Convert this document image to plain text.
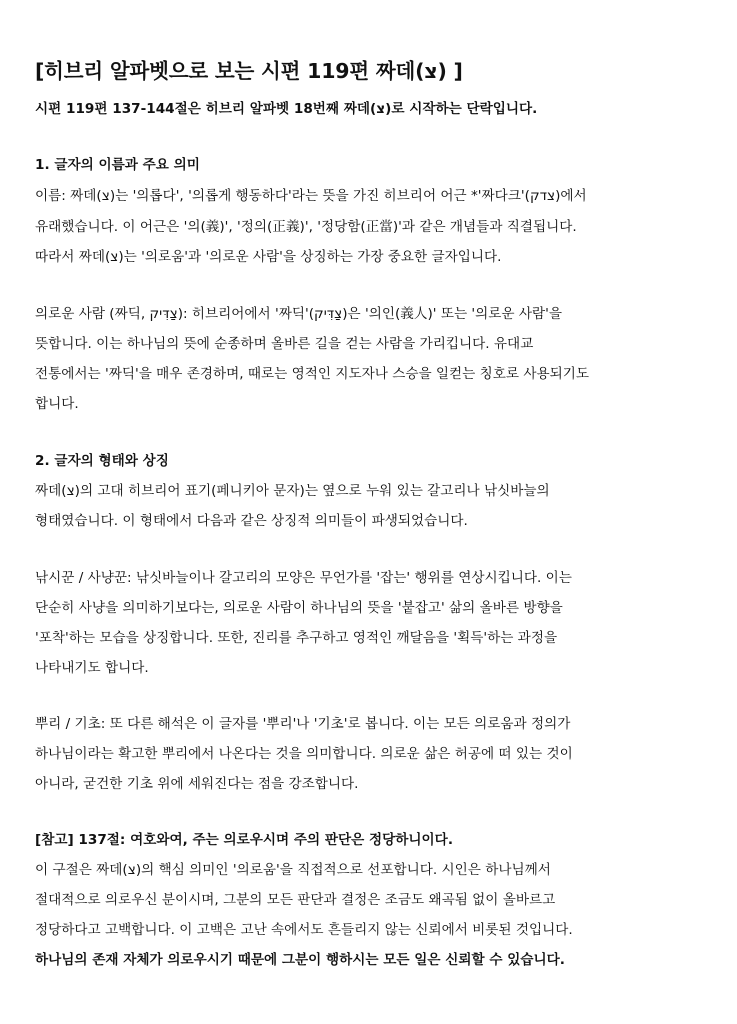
[히브리 알파벳으로 보는 시편 119편 짜데(צ) ]

시편 119편 137-144절은 히브리 알파벳 18번째 짜데(צ)로 시작하는 단락입니다.

1. 글자의 이름과 주요 의미

이름: 짜데(צ)는 '의롭다', '의롭게 행동하다'라는 뜻을 가진 히브리어 어근 *'짜다크'(צדק)에서

유래했습니다. 이 어근은 '의(義)', '정의(正義)', '정당함(正當)'과 같은 개념들과 직결됩니다.

따라서 짜데(צ)는 '의로움'과 '의로운 사람'을 상징하는 가장 중요한 글자입니다.

의로운 사람 (짜딕, צַדִּיק): 히브리어에서 '짜딕'(צַדִּיק)은 '의인(義人)' 또는 '의로운 사람'을

뜻합니다. 이는 하나님의 뜻에 순종하며 올바른 길을 걷는 사람을 가리킵니다. 유대교

전통에서는 '짜딕'을 매우 존경하며, 때로는 영적인 지도자나 스승을 일컫는 칭호로 사용되기도

합니다.

2. 글자의 형태와 상징

짜데(צ)의 고대 히브리어 표기(페니키아 문자)는 옆으로 누워 있는 갈고리나 낚싯바늘의

형태였습니다. 이 형태에서 다음과 같은 상징적 의미들이 파생되었습니다.

낚시꾼 / 사냥꾼: 낚싯바늘이나 갈고리의 모양은 무언가를 '잡는' 행위를 연상시킵니다. 이는

단순히 사냥을 의미하기보다는, 의로운 사람이 하나님의 뜻을 '붙잡고' 삶의 올바른 방향을

'포착'하는 모습을 상징합니다. 또한, 진리를 추구하고 영적인 깨달음을 '획득'하는 과정을

나타내기도 합니다.

뿌리 / 기초: 또 다른 해석은 이 글자를 '뿌리'나 '기초'로 봅니다. 이는 모든 의로움과 정의가

하나님이라는 확고한 뿌리에서 나온다는 것을 의미합니다. 의로운 삶은 허공에 떠 있는 것이

아니라, 굳건한 기초 위에 세워진다는 점을 강조합니다.

[참고] 137절: 여호와여, 주는 의로우시며 주의 판단은 정당하니이다.

이 구절은 짜데(צ)의 핵심 의미인 '의로움'을 직접적으로 선포합니다. 시인은 하나님께서

절대적으로 의로우신 분이시며, 그분의 모든 판단과 결정은 조금도 왜곡됨 없이 올바르고

정당하다고 고백합니다. 이 고백은 고난 속에서도 흔들리지 않는 신뢰에서 비롯된 것입니다.

하나님의 존재 자체가 의로우시기 때문에 그분이 행하시는 모든 일은 신뢰할 수 있습니다.
